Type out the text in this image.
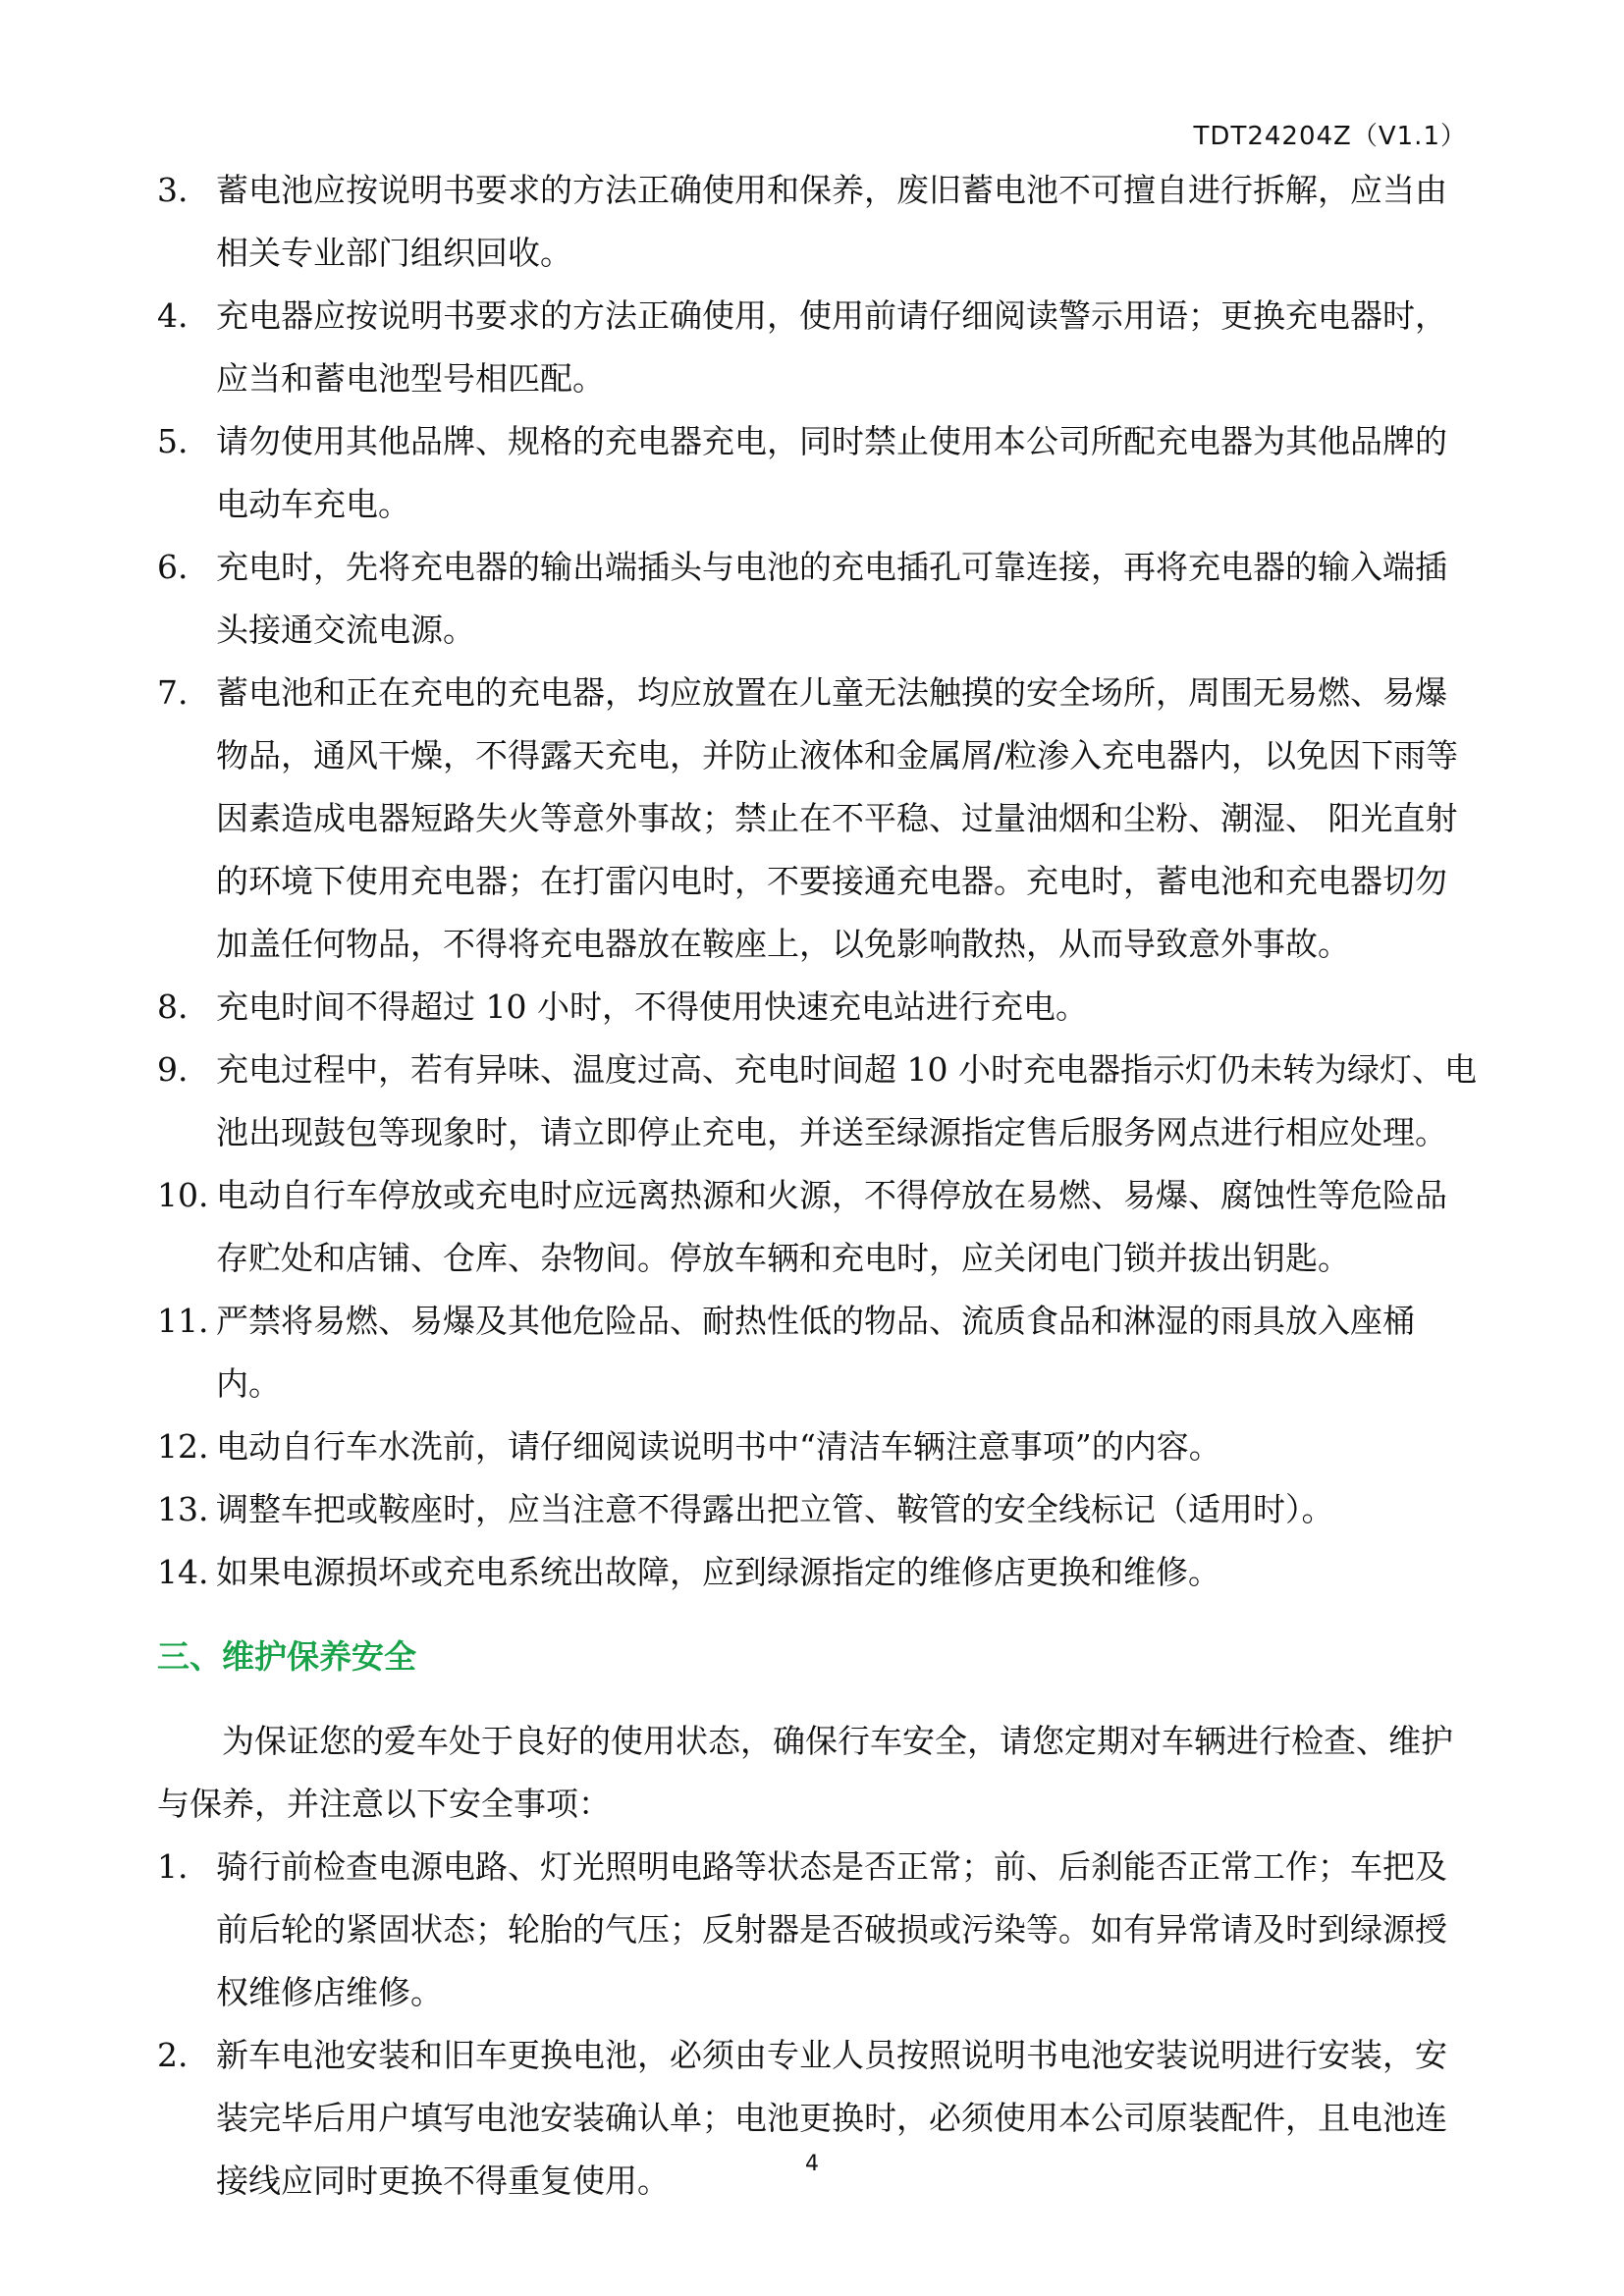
TDT24204Z（V1.1）
3. 蓄电池应按说明书要求的方法正确使用和保养，废旧蓄电池不可擅自进行拆解，应当由相关专业部门组织回收。
4. 充电器应按说明书要求的方法正确使用，使用前请仔细阅读警示用语；更换充电器时，应当和蓄电池型号相匹配。
5. 请勿使用其他品牌、规格的充电器充电，同时禁止使用本公司所配充电器为其他品牌的电动车充电。
6. 充电时，先将充电器的输出端插头与电池的充电插孔可靠连接，再将充电器的输入端插头接通交流电源。
7. 蓄电池和正在充电的充电器，均应放置在儿童无法触摸的安全场所，周围无易燃、易爆物品，通风干燥，不得露天充电，并防止液体和金属屑/粒渗入充电器内，以免因下雨等因素造成电器短路失火等意外事故；禁止在不平稳、过量油烟和尘粉、潮湿、 阳光直射的环境下使用充电器；在打雷闪电时，不要接通充电器。充电时，蓄电池和充电器切勿加盖任何物品，不得将充电器放在鞍座上，以免影响散热，从而导致意外事故。
8. 充电时间不得超过 10 小时，不得使用快速充电站进行充电。
9. 充电过程中，若有异味、温度过高、充电时间超 10 小时充电器指示灯仍未转为绿灯、电池出现鼓包等现象时，请立即停止充电，并送至绿源指定售后服务网点进行相应处理。
10. 电动自行车停放或充电时应远离热源和火源，不得停放在易燃、易爆、腐蚀性等危险品存贮处和店铺、仓库、杂物间。停放车辆和充电时，应关闭电门锁并拔出钥匙。
11. 严禁将易燃、易爆及其他危险品、耐热性低的物品、流质食品和淋湿的雨具放入座桶内。
12. 电动自行车水洗前，请仔细阅读说明书中“清洁车辆注意事项”的内容。
13. 调整车把或鞍座时，应当注意不得露出把立管、鞍管的安全线标记（适用时）。
14. 如果电源损坏或充电系统出故障，应到绿源指定的维修店更换和维修。
三、维护保养安全
为保证您的爱车处于良好的使用状态，确保行车安全，请您定期对车辆进行检查、维护与保养，并注意以下安全事项：
1. 骑行前检查电源电路、灯光照明电路等状态是否正常；前、后刹能否正常工作；车把及前后轮的紧固状态；轮胎的气压；反射器是否破损或污染等。如有异常请及时到绿源授权维修店维修。
2. 新车电池安装和旧车更换电池，必须由专业人员按照说明书电池安装说明进行安装，安装完毕后用户填写电池安装确认单；电池更换时，必须使用本公司原装配件，且电池连接线应同时更换不得重复使用。	4
